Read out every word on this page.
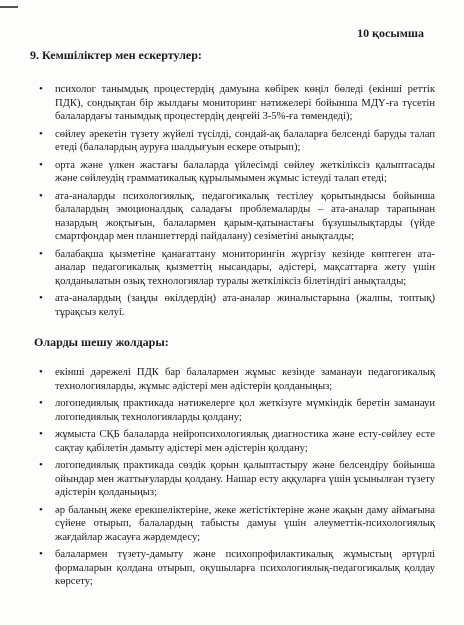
10 қосымша
9. Кемшіліктер мен ескертулер:
• психолог танымдық процестердің дамуына көбірек көңіл бөледі (екінші реттік ПДК), сондықтан бір жылдағы мониторинг нәтижелері бойынша МДҮ-ға түсетін балалардағы танымдық процестердің деңгейі 3-5%-ға төмендеді);
• сөйлеу әрекетін түзету жүйелі түсілді, сондай-ақ балаларға белсенді баруды талап етеді (балалардың ауруға шалдығуын ескере отырып);
• орта және үлкен жастағы балаларда үйлесімді сөйлеу жеткіліксіз қалыптасады және сөйлеудің грамматикалық құрылымымен жұмыс істеуді талап етеді;
• ата-аналарды психологиялық, педагогикалық тестілеу қорытындысы бойынша балалардың эмоционалдық саладағы проблемаларды – ата-аналар тарапынан назардың жоқтығын, балалармен қарым-қатынастағы бұзушылықтарды (үйде смартфондар мен планшеттерді пайдалану) сезіметіні анықталды;
• балабақша қызметіне қанағаттану мониторингін жүргізу кезінде көптеген ата-аналар педагогикалық қызметтің нысандары, әдістері, мақсаттарға жету үшін қолданылатын озық технологиялар туралы жеткіліксіз білетіндігі анықталды;
• ата-аналардың (заңды өкілдердің) ата-аналар жиналыстарына (жалпы, топтық) тұрақсыз келуі.
Оларды шешу жолдары:
• екінші дәрежелі ПДК бар балалармен жұмыс кезінде заманауи педагогикалық технологияларды, жұмыс әдістері мен әдістерін қолданыңыз;
• логопедиялық практикада нәтижелерге қол жеткізуге мүмкіндік беретін заманауи логопедиялық технологияларды қолдану;
• жұмыста СҚБ балаларда нейропсихологиялық диагностика және есту-сөйлеу есте сақтау қабілетін дамыту әдістері мен әдістерін қолдану;
• логопедиялық практикада сөздік қорын қалыптастыру және белсендіру бойынша ойындар мен жаттығуларды қолдану. Нашар есту аққуларға үшін ұсынылған түзету әдістерін қолданыңыз;
• әр баланың жеке ерекшеліктеріне, жеке жетістіктеріне және жақын даму аймағына сүйене отырып, балалардың табысты дамуы үшін әлеуметтік-психологиялық жағдайлар жасауға жәрдемдесу;
• балалармен түзету-дамыту және психопрофилактикалық жұмыстың әртүрлі формаларын қолдана отырып, оқушыларға психологиялық-педагогикалық қолдау көрсету;
